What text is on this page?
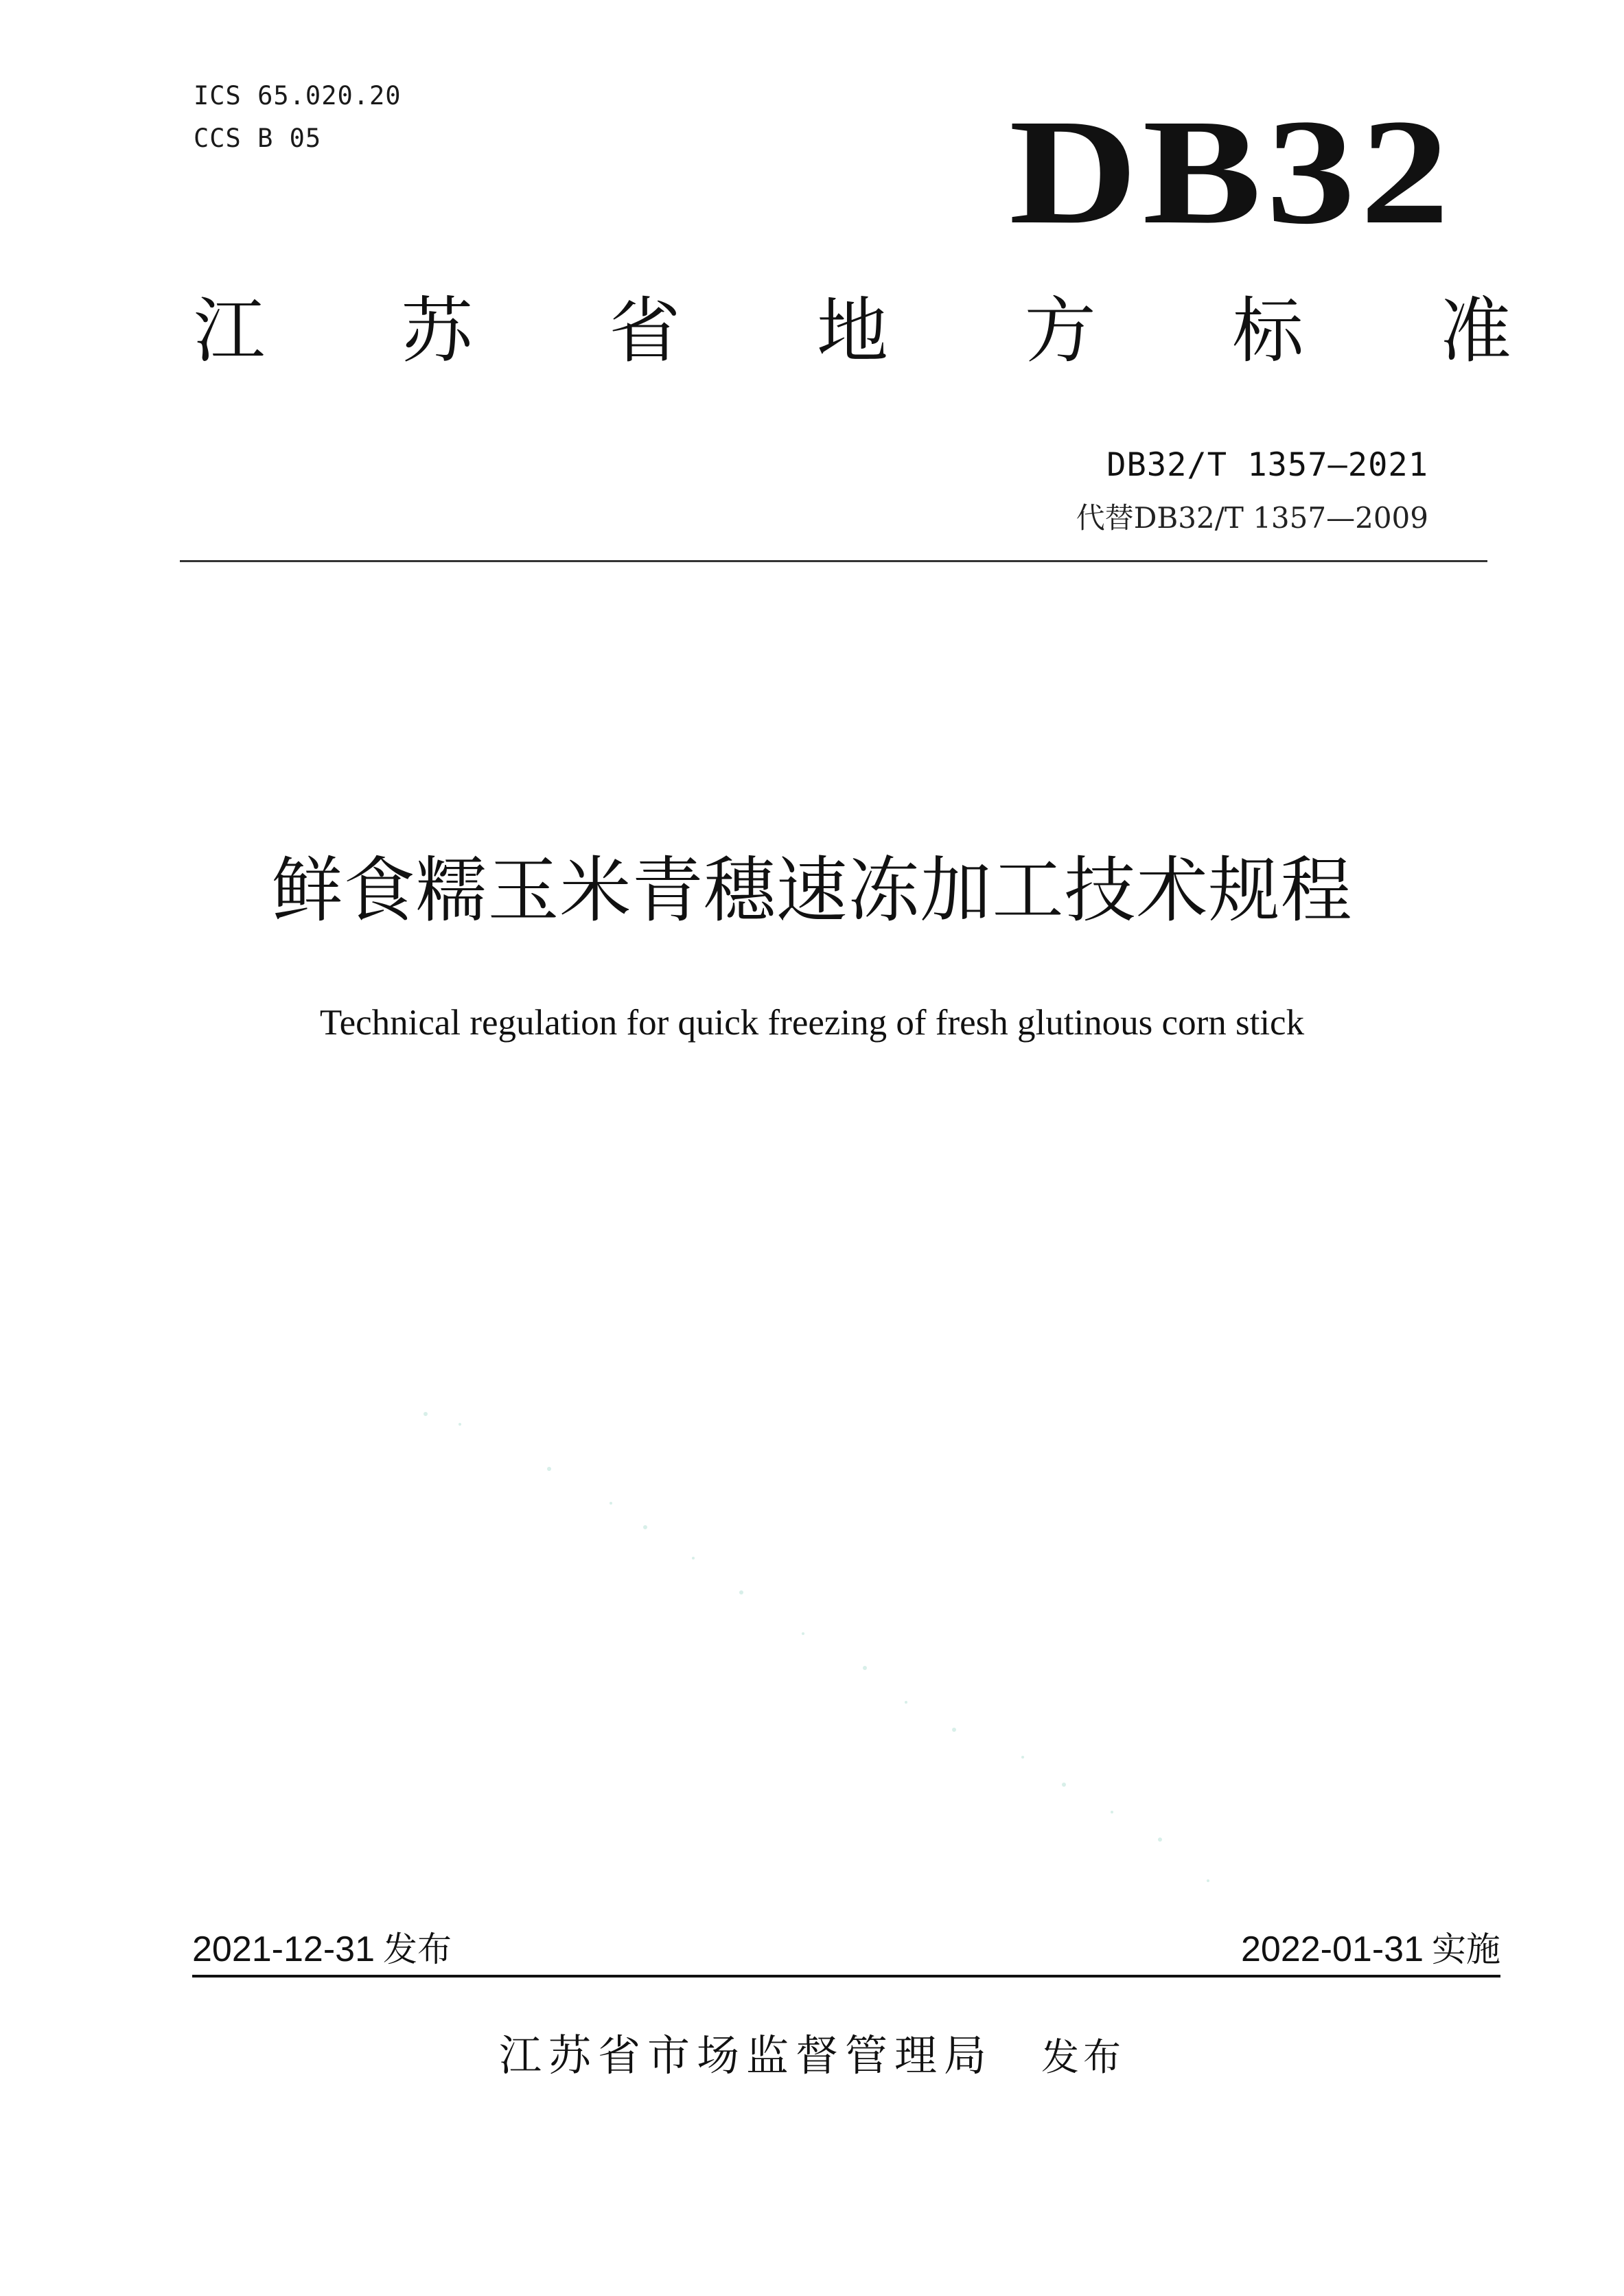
ICS 65.020.20
CCS B 05	DB32
江 苏 省 地 方 标 准
DB32/T 1357—2021
代替DB32/T 1357—2009
鲜食糯玉米青穗速冻加工技术规程
Technical regulation for quick freezing of fresh glutinous corn stick
2021-12-31 发布	2022-01-31 实施
江苏省市场监督管理局 发布
